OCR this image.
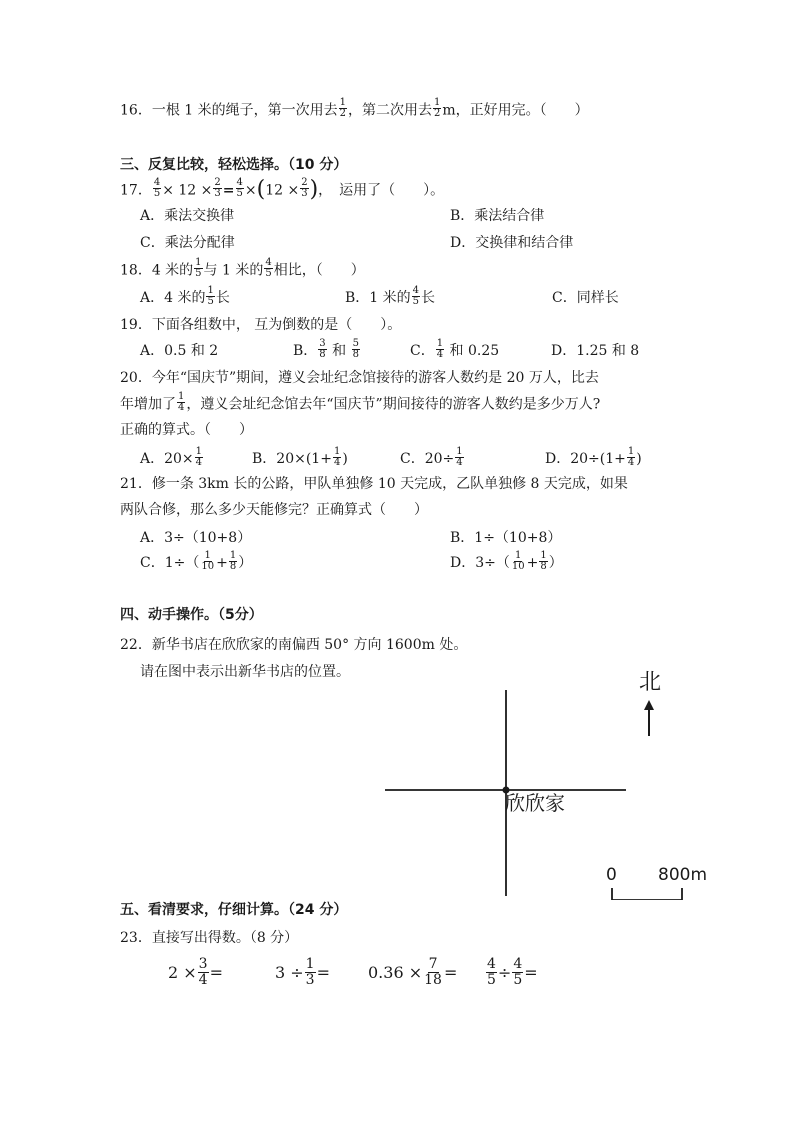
16．一根 1 米的绳子，第一次用去 $\frac{1}{2}$ ，第二次用去 $\frac{1}{2}$ m，正好用完。（　　）
三、反复比较，轻松选择。（10 分）
17． $\frac{4}{5} \times 12 \times \frac{2}{3} = \frac{4}{5} \times(12 \times \frac{2}{3}$ )，　运用了（　　）。
A．乘法交换律	B．乘法结合律
C．乘法分配律	D．交换律和结合律
18．4 米的 $\frac{1}{5}$ 与 1 米的 $\frac{4}{5}$ 相比，（　　）
A．4 米的 $\frac{1}{5}$ 长	B．1 米的 $\frac{4}{5}$ 长	C．同样长
19．下面各组数中， 互为倒数的是（　　）。
A．0.5 和 2	B． $\frac{3}{8}$ 和 $\frac{5}{8}$	C． $\frac{1}{4}$ 和 0.25	D．1.25 和 8
20．今年“国庆节”期间，遵义会址纪念馆接待的游客人数约是 20 万人，比去
年增加了 $\frac{1}{4}$ ，遵义会址纪念馆去年“国庆节”期间接待的游客人数约是多少万人?
正确的算式。（　　）
A．$20\times \frac{1}{4}$	B．$20\times(1+ \frac{1}{4}$ )	C．$20\div \frac{1}{4}$	D．$20\div(1+ \frac{1}{4}$ )
21．修一条 3km 长的公路，甲队单独修 10 天完成，乙队单独修 8 天完成，如果
两队合修，那么多少天能修完？正确算式（　　）
A．3÷（10+8）	B．1÷（10+8）
C．$1\div( \frac{1}{10} + \frac{1}{8}$ ）	D．$3\div( \frac{1}{10} + \frac{1}{8}$ ）
四、动手操作。（5分）
22．新华书店在欣欣家的南偏西 50° 方向 1600m 处。
请在图中表示出新华书店的位置。
欣欣家
北
0 800m
五、看清要求，仔细计算。（24 分）
23．直接写出得数。（8 分）
$2 \times \frac{3}{4}$ =	$3 \div \frac{1}{3} = 0.36 \times \frac{7}{18} = \frac{4}{5} \div \frac{4}{5}$ =
